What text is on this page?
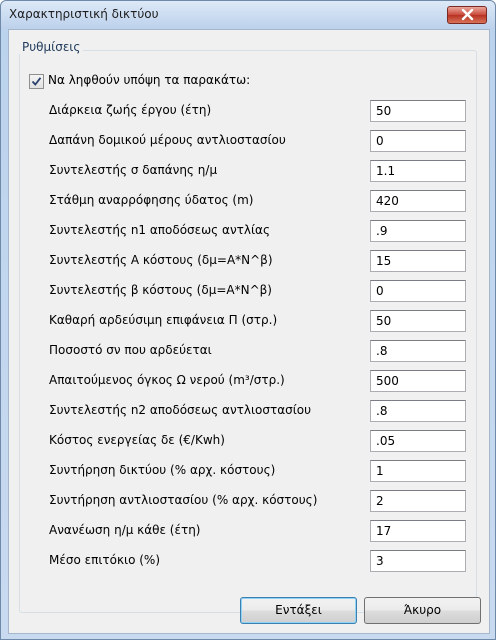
Χαρακτηριστική δικτύου
Ρυθμίσεις
Να ληφθούν υπόψη τα παρακάτω:
Διάρκεια ζωής έργου (έτη)
50
Δαπάνη δομικού μέρους αντλιοστασίου
0
Συντελεστής σ δαπάνης η/μ
1.1
Στάθμη αναρρόφησης ύδατος (m)
420
Συντελεστής n1 αποδόσεως αντλίας
.9
Συντελεστής Α κόστους (δμ=A*N^β)
15
Συντελεστής β κόστους (δμ=A*N^β)
0
Καθαρή αρδεύσιμη επιφάνεια Π (στρ.)
50
Ποσοστό σν που αρδεύεται
.8
Απαιτούμενος όγκος Ω νερού (m³/στρ.)
500
Συντελεστής n2 αποδόσεως αντλιοστασίου
.8
Κόστος ενεργείας δε (€/Kwh)
.05
Συντήρηση δικτύου (% αρχ. κόστους)
1
Συντήρηση αντλιοστασίου (% αρχ. κόστους)
2
Ανανέωση η/μ κάθε (έτη)
17
Μέσο επιτόκιο (%)
3
Εντάξει	Άκυρο
